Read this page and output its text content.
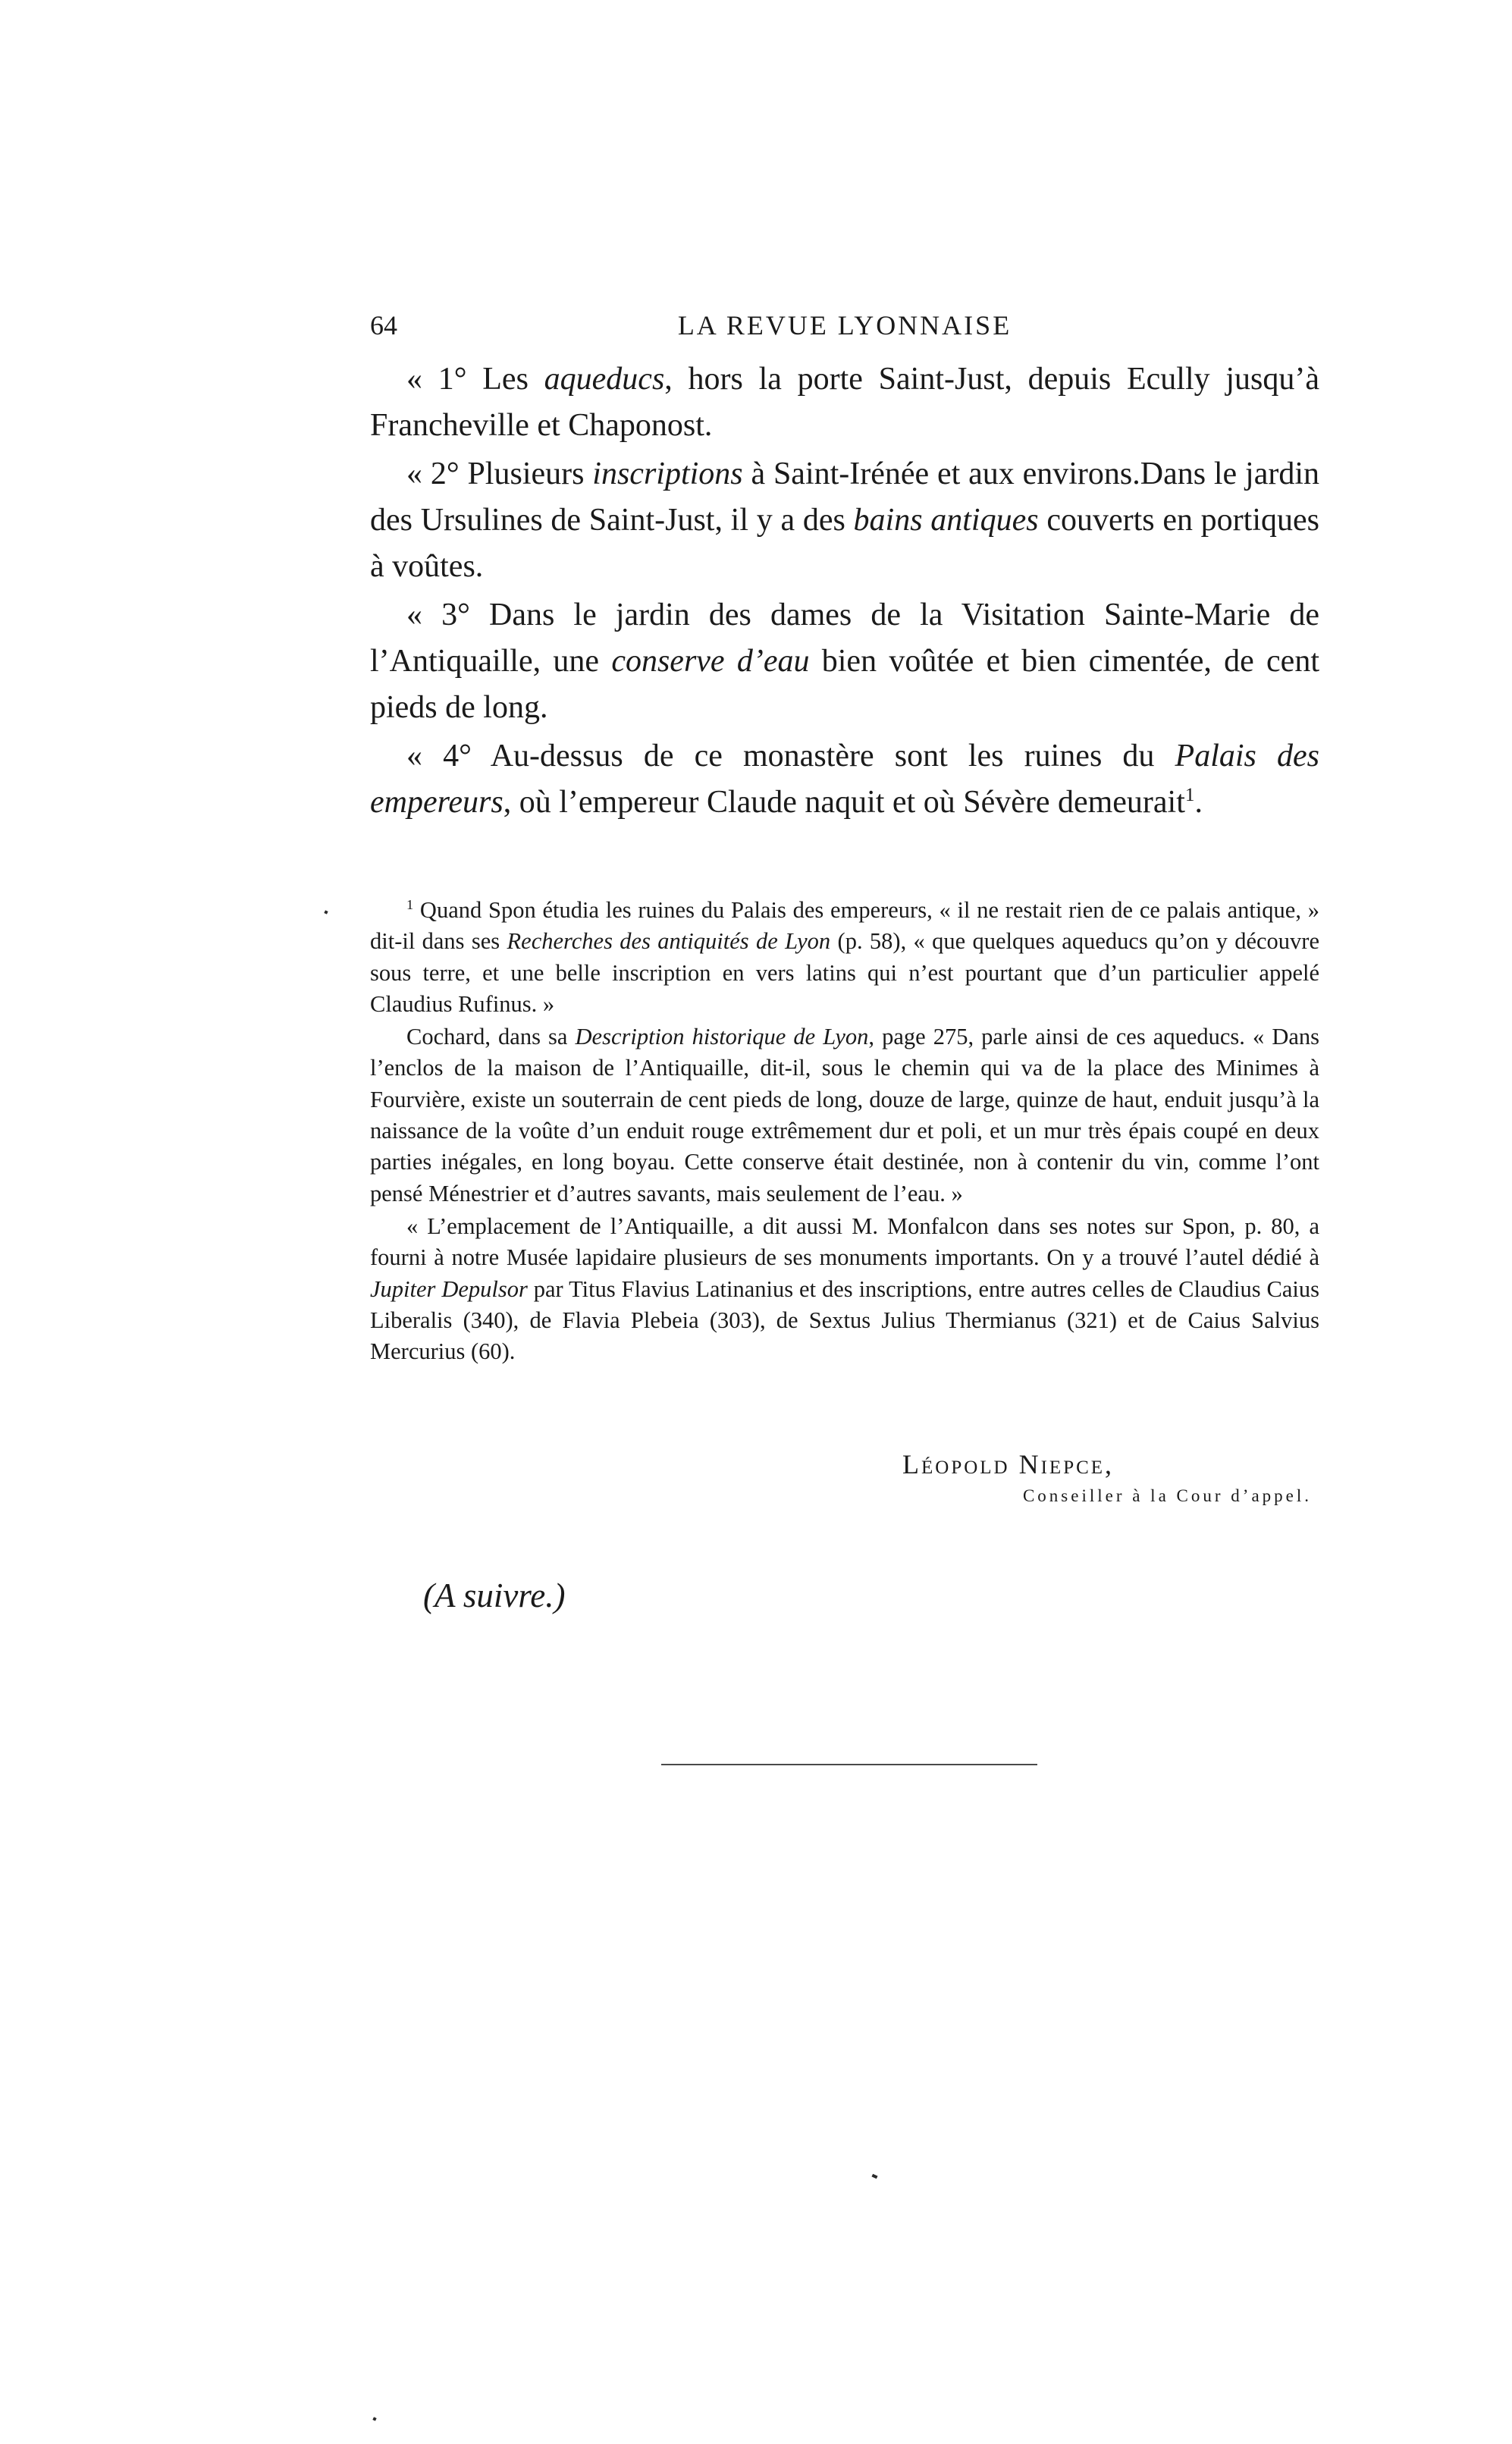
64	LA REVUE LYONNAISE

« 1° Les aqueducs, hors la porte Saint-Just, depuis Ecully jusqu’à Francheville et Chaponost.

« 2° Plusieurs inscriptions à Saint-Irénée et aux environs.Dans le jardin des Ursulines de Saint-Just, il y a des bains antiques couverts en portiques à voûtes.

« 3° Dans le jardin des dames de la Visitation Sainte-Marie de l’Antiquaille, une conserve d’eau bien voûtée et bien cimentée, de cent pieds de long.

« 4° Au-dessus de ce monastère sont les ruines du Palais des empereurs, où l’empereur Claude naquit et où Sévère demeurait$^1$.

$^1$ Quand Spon étudia les ruines du Palais des empereurs, « il ne restait rien de ce palais antique, » dit-il dans ses Recherches des antiquités de Lyon (p. 58), « que quelques aqueducs qu’on y découvre sous terre, et une belle inscription en vers latins qui n’est pourtant que d’un particulier appelé Claudius Rufinus. »

Cochard, dans sa Description historique de Lyon, page 275, parle ainsi de ces aqueducs. « Dans l’enclos de la maison de l’Antiquaille, dit-il, sous le chemin qui va de la place des Minimes à Fourvière, existe un souterrain de cent pieds de long, douze de large, quinze de haut, enduit jusqu’à la naissance de la voûte d’un enduit rouge extrêmement dur et poli, et un mur très épais coupé en deux parties inégales, en long boyau. Cette conserve était destinée, non à contenir du vin, comme l’ont pensé Ménestrier et d’autres savants, mais seulement de l’eau. »

« L’emplacement de l’Antiquaille, a dit aussi M. Monfalcon dans ses notes sur Spon, p. 80, a fourni à notre Musée lapidaire plusieurs de ses monuments importants. On y a trouvé l’autel dédié à Jupiter Depulsor par Titus Flavius Latinanius et des inscriptions, entre autres celles de Claudius Caius Liberalis (340), de Flavia Plebeia (303), de Sextus Julius Thermianus (321) et de Caius Salvius Mercurius (60).

Léopold Niepce,
Conseiller à la Cour d’appel.
(A suivre.)
